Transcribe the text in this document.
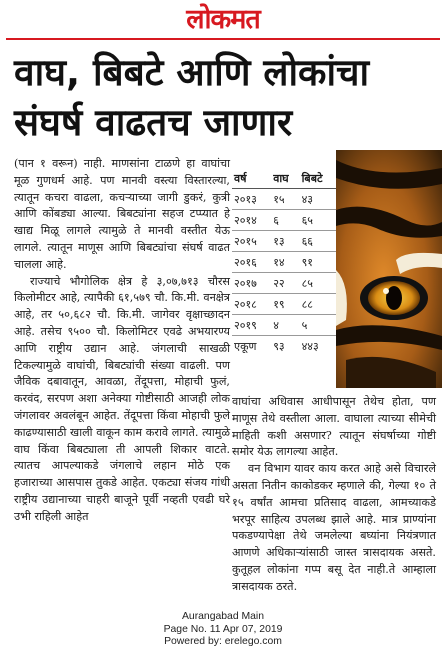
लोकमत
वाघ, बिबटे आणि लोकांचा
संघर्ष वाढतच जाणार

(पान १ वरून) नाही. माणसांना टाळणे हा वाघांचा मूळ गुणधर्म आहे. पण मानवी वस्त्या विस्तारल्या, त्यातून कचरा वाढला, कचऱ्याच्या जागी डुकरं, कुत्री आणि कोंबड्या आल्या. बिबट्यांना सहज टप्प्यात हे खाद्य मिळू लागले त्यामुळे ते मानवी वस्तीत येऊ लागले. त्यातून माणूस आणि बिबट्यांचा संघर्ष वाढत चालला आहे.

राज्याचे भौगोलिक क्षेत्र हे ३,०७,७१३ चौरस किलोमीटर आहे, त्यापैकी ६१,५७९ चौ. कि.मी. वनक्षेत्र आहे, तर ५०,६८२ चौ. कि.मी. जागेवर वृक्षाच्छादन आहे. तसेच ९५०० चौ. किलोमिटर एवढे अभयारण्य आणि राष्ट्रीय उद्यान आहे. जंगलाची साखळी टिकल्यामुळे वाघांची, बिबट्यांची संख्या वाढली. पण जैविक दबावातून, आवळा, तेंदूपत्ता, मोहाची फुलं, करवंद, सरपण अशा अनेक्या गोष्टीसाठी आजही लोक जंगलावर अवलंबून आहेत. तेंदूपत्ता किंवा मोहाची फुले काढण्यासाठी खाली वाकून काम करावे लागते. त्यामुळे वाघ किंवा बिबट्याला ती आपली शिकार वाटते. त्यातच आपल्याकडे जंगलाचे लहान मोठे एक हजाराच्या आसपास तुकडे आहेत. एकट्या संजय गांधी राष्ट्रीय उद्यानाच्या चाहरी बाजूने पूर्वी नव्हती एवढी घरे उभी राहिली आहेत

वर्ष	वाघ	बिबटे
२०१३	१५	४३
२०१४	६	६५
२०१५	१३	६६
२०१६	१४	९१
२०१७	२२	८५
२०१८	१९	८८
२०१९	४	५
एकूण	९३	४४३

वाघांचा अधिवास आधीपासून तेथेच होता, पण माणूस तेथे वस्तीला आला. वाघाला त्याच्या सीमेची माहिती कशी असणार? त्यातून संघर्षाच्या गोष्टी समोर येऊ लागल्या आहेत.

वन विभाग यावर काय करत आहे असे विचारले असता नितीन काकोडकर म्हणाले की, गेल्या १० ते १५ वर्षांत आमचा प्रतिसाद वाढला, आमच्याकडे भरपूर साहित्य उपलब्ध झाले आहे. मात्र प्राण्यांना पकडण्यापेक्षा तेथे जमलेल्या बघ्यांना नियंत्रणात आणणे अधिकाऱ्यांसाठी जास्त त्रासदायक असते. कुतूहल लोकांना गप्प बसू देत नाही.ते आम्हाला त्रासदायक ठरते.

Aurangabad Main
Page No. 11 Apr 07, 2019
Powered by: erelego.com
